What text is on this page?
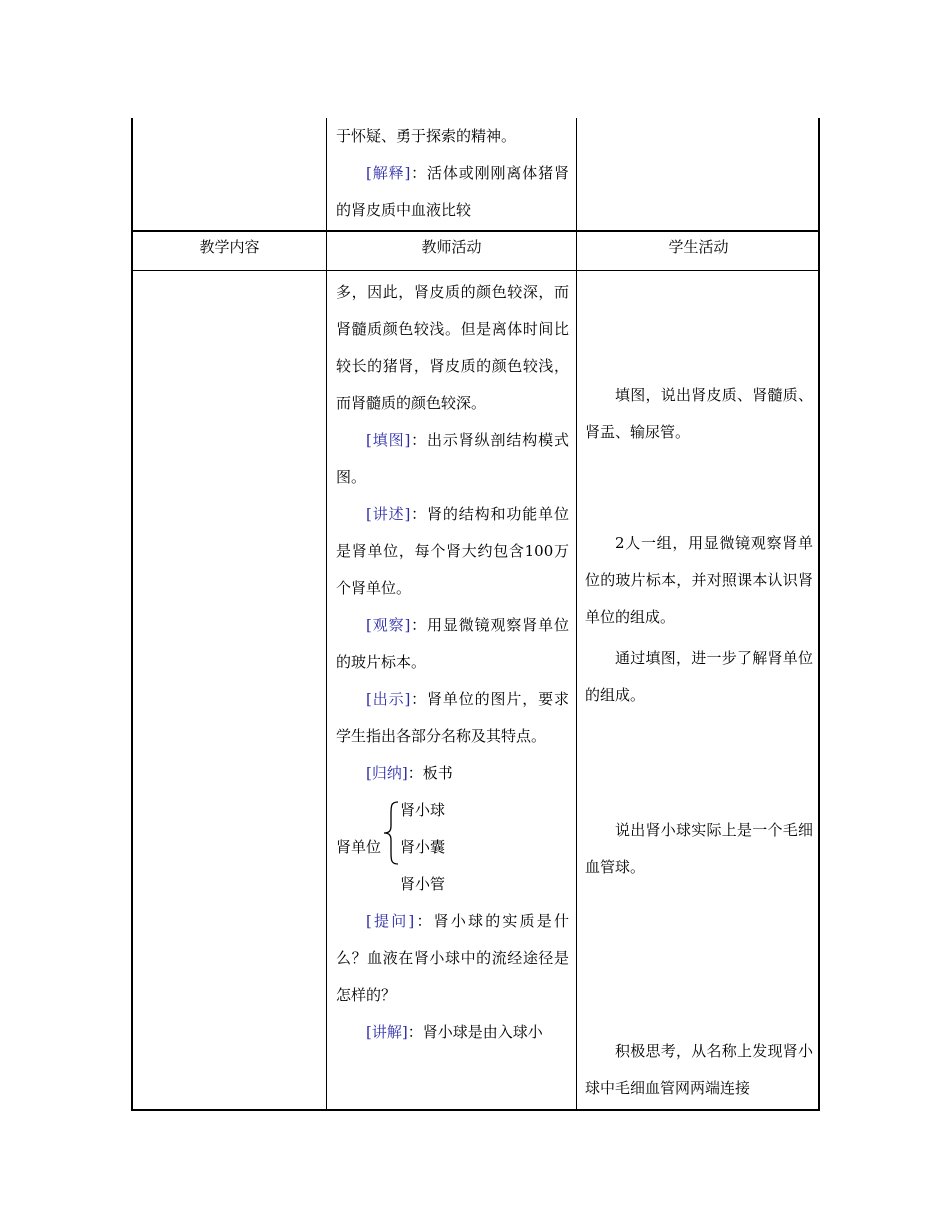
教学内容	教师活动	学生活动

于怀疑、勇于探索的精神。

[解释]：活体或刚刚离体猪肾的肾皮质中血液比较

多，因此，肾皮质的颜色较深，而肾髓质颜色较浅。但是离体时间比较长的猪肾，肾皮质的颜色较浅，而肾髓质的颜色较深。

[填图]：出示肾纵剖结构模式图。

[讲述]：肾的结构和功能单位是肾单位，每个肾大约包含100万个肾单位。

[观察]：用显微镜观察肾单位的玻片标本。

[出示]：肾单位的图片，要求学生指出各部分名称及其特点。

[归纳]：板书

肾单位
肾小球
肾小囊
肾小管

[提问]：肾小球的实质是什么？血液在肾小球中的流经途径是怎样的？

[讲解]：肾小球是由入球小

填图，说出肾皮质、肾髓质、肾盂、输尿管。

2人一组，用显微镜观察肾单位的玻片标本，并对照课本认识肾单位的组成。

通过填图，进一步了解肾单位的组成。

说出肾小球实际上是一个毛细血管球。

积极思考，从名称上发现肾小球中毛细血管网两端连接
